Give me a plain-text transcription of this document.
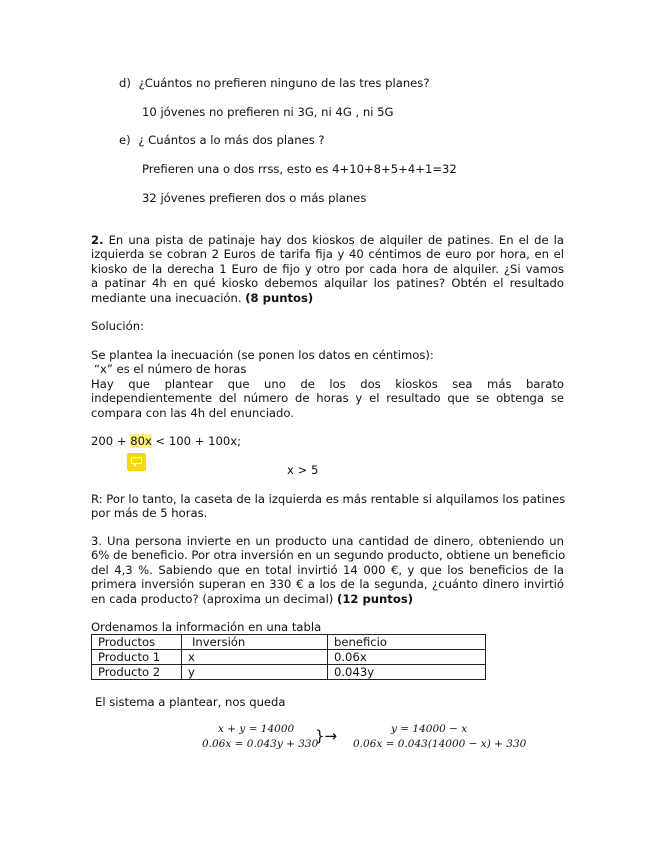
d) ¿Cuántos no prefieren ninguno de las tres planes?
10 jóvenes no prefieren ni 3G, ni 4G , ni 5G
e) ¿ Cuántos a lo más dos planes ?
Prefieren una o dos rrss, esto es 4+10+8+5+4+1=32
32 jóvenes prefieren dos o más planes
2. En una pista de patinaje hay dos kioskos de alquiler de patines. En el de la
izquierda se cobran 2 Euros de tarifa fija y 40 céntimos de euro por hora, en el
kiosko de la derecha 1 Euro de fijo y otro por cada hora de alquiler. ¿Si vamos
a patinar 4h en qué kiosko debemos alquilar los patines? Obtén el resultado
mediante una inecuación. (8 puntos)
Solución:
Se plantea la inecuación (se ponen los datos en céntimos):
“x” es el número de horas
Hay que plantear que uno de los dos kioskos sea más barato
independientemente del número de horas y el resultado que se obtenga se
compara con las 4h del enunciado.
200 + 80x < 100 + 100x;
x > 5
R: Por lo tanto, la caseta de la izquierda es más rentable si alquilamos los patines
por más de 5 horas.
3. Una persona invierte en un producto una cantidad de dinero, obteniendo un
6% de beneficio. Por otra inversión en un segundo producto, obtiene un beneficio
del 4,3 %. Sabiendo que en total invirtió 14 000 €, y que los beneficios de la
primera inversión superan en 330 € a los de la segunda, ¿cuánto dinero invirtió
en cada producto? (aproxima un decimal) (12 puntos)
Ordenamos la información en una tabla
Productos	Inversión	beneficio
Producto 1	x	0.06x
Producto 2	y	0.043y
El sistema a plantear, nos queda
x + y = 14000
0.06x = 0.043y + 330
}→	y = 14000 − x
0.06x = 0.043(14000 − x) + 330
